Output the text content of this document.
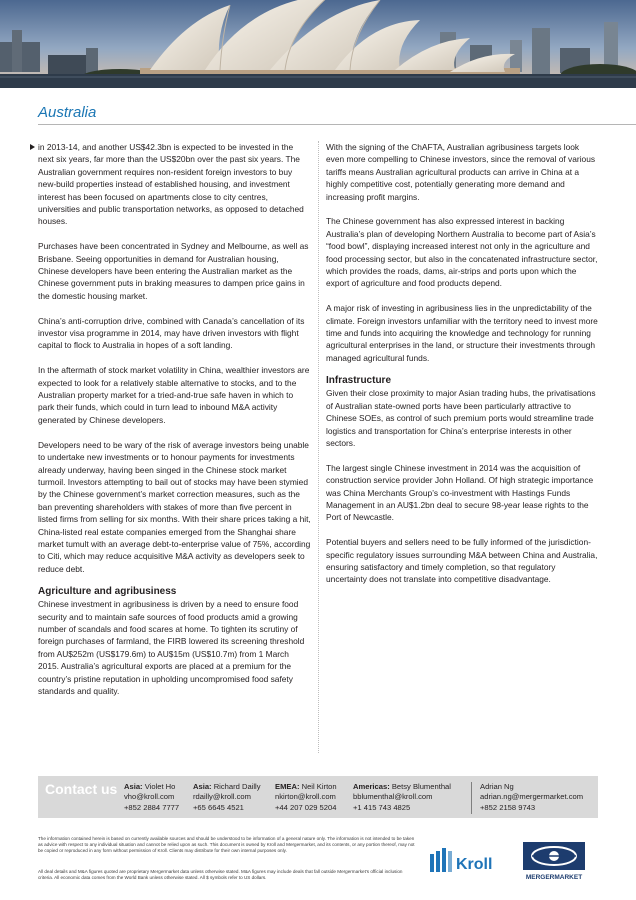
Australia

in 2013-14, and another US$42.3bn is expected to be invested in the next six years, far more than the US$20bn over the past six years. The Australian government requires non-resident foreign investors to buy new-build properties instead of established housing, and investment interest has been focused on apartments close to city centres, universities and public transportation networks, as opposed to detached houses.

Purchases have been concentrated in Sydney and Melbourne, as well as Brisbane. Seeing opportunities in demand for Australian housing, Chinese developers have been entering the Australian market as the Chinese government puts in braking measures to dampen price gains in the domestic housing market.

China’s anti-corruption drive, combined with Canada’s cancellation of its investor visa programme in 2014, may have driven investors with flight capital to flock to Australia in hopes of a soft landing.

In the aftermath of stock market volatility in China, wealthier investors are expected to look for a relatively stable alternative to stocks, and to the Australian property market for a tried-and-true safe haven in which to park their funds, which could in turn lead to inbound M&A activity generated by Chinese developers.

Developers need to be wary of the risk of average investors being unable to undertake new investments or to honour payments for investments already underway, having been singed in the Chinese stock market turmoil. Investors attempting to bail out of stocks may have been stymied by the Chinese government’s market correction measures, such as the ban preventing shareholders with stakes of more than five percent in listed firms from selling for six months. With their share prices taking a hit, China-listed real estate companies emerged from the Shanghai share market tumult with an average debt-to-enterprise value of 75%, according to Citi, which may reduce acquisitive M&A activity as developers seek to reduce debt.

Agriculture and agribusiness

Chinese investment in agribusiness is driven by a need to ensure food security and to maintain safe sources of food products amid a growing number of scandals and food scares at home. To tighten its scrutiny of foreign purchases of farmland, the FIRB lowered its screening threshold from AU$252m (US$179.6m) to AU$15m (US$10.7m) from 1 March 2015. Australia’s agricultural exports are placed at a premium for the country’s pristine reputation in upholding uncompromised food safety standards and quality.

With the signing of the ChAFTA, Australian agribusiness targets look even more compelling to Chinese investors, since the removal of various tariffs means Australian agricultural products can arrive in China at a highly competitive cost, potentially generating more demand and increasing profit margins.

The Chinese government has also expressed interest in backing Australia’s plan of developing Northern Australia to become part of Asia’s “food bowl”, displaying increased interest not only in the agriculture and food processing sector, but also in the concatenated infrastructure sector, which provides the roads, dams, air-strips and ports upon which the export of agriculture and food products depend.

A major risk of investing in agribusiness lies in the unpredictability of the climate. Foreign investors unfamiliar with the territory need to invest more time and funds into acquiring the knowledge and technology for running agricultural enterprises in the land, or structure their investments through managed agricultural funds.

Infrastructure

Given their close proximity to major Asian trading hubs, the privatisations of Australian state-owned ports have been particularly attractive to Chinese SOEs, as control of such premium ports would streamline trade logistics and transportation for China’s enterprise interests in other sectors.

The largest single Chinese investment in 2014 was the acquisition of construction service provider John Holland. Of high strategic importance was China Merchants Group’s co-investment with Hastings Funds Management in an AU$1.2bn deal to secure 98-year lease rights to the Port of Newcastle.

Potential buyers and sellers need to be fully informed of the jurisdiction-specific regulatory issues surrounding M&A between China and Australia, ensuring satisfactory and timely completion, so that regulatory uncertainty does not translate into competitive disadvantage.

Contact us Asia: Violet Ho
vho@kroll.com
+852 2884 7777
Asia: Richard Dailly
rdailly@kroll.com
+65 6645 4521
EMEA: Neil Kirton
nkirton@kroll.com
+44 207 029 5204
Americas: Betsy Blumenthal
bblumenthal@kroll.com
+1 415 743 4825
Adrian Ng
adrian.ng@mergermarket.com
+852 2158 9743
The information contained herein is based on currently available sources and should be understood to be information of a general nature only. The information is not intended to be taken as advice with respect to any individual situation and cannot be relied upon as such. This document is owned by Kroll and Mergermarket, and its contents, or any portion thereof, may not be copied or reproduced in any form without permission of Kroll. Clients may distribute for their own internal purposes only.
All deal details and M&A figures quoted are proprietary Mergermarket data unless otherwise stated. M&A figures may include deals that fall outside Mergermarket’s official inclusion criteria. All economic data comes from the World Bank unless otherwise stated. All $ symbols refer to US dollars.
Kroll
MERGERMARKET
